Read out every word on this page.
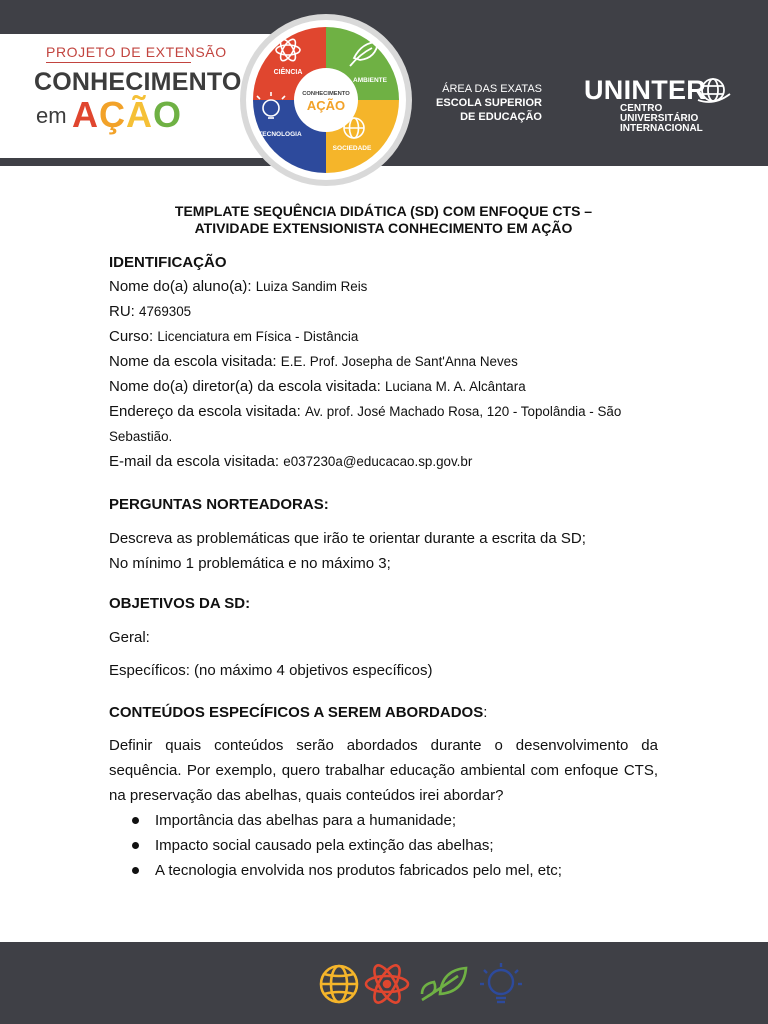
PROJETO DE EXTENSÃO
CONHECIMENTO
em AÇÃO
CIÊNCIA
AMBIENTE
SOCIEDADE
TECNOLOGIA
CONHECIMENTO
AÇÃO
ÁREA DAS EXATAS
ESCOLA SUPERIOR
DE EDUCAÇÃO
UNINTER
CENTRO
UNIVERSITÁRIO
INTERNACIONAL
TEMPLATE SEQUÊNCIA DIDÁTICA (SD) COM ENFOQUE CTS –
ATIVIDADE EXTENSIONISTA CONHECIMENTO EM AÇÃO
IDENTIFICAÇÃO
Nome do(a) aluno(a): Luiza Sandim Reis
RU: 4769305
Curso: Licenciatura em Física - Distância
Nome da escola visitada: E.E. Prof. Josepha de Sant'Anna Neves
Nome do(a) diretor(a) da escola visitada: Luciana M. A. Alcântara
Endereço da escola visitada: Av. prof. José Machado Rosa, 120 - Topolândia - São
Sebastião.
E-mail da escola visitada: e037230a@educacao.sp.gov.br
PERGUNTAS NORTEADORAS:
Descreva as problemáticas que irão te orientar durante a escrita da SD;
No mínimo 1 problemática e no máximo 3;
OBJETIVOS DA SD:
Geral:
Específicos: (no máximo 4 objetivos específicos)
CONTEÚDOS ESPECÍFICOS A SEREM ABORDADOS:
Definir quais conteúdos serão abordados durante o desenvolvimento da sequência. Por exemplo, quero trabalhar educação ambiental com enfoque CTS, na preservação das abelhas, quais conteúdos irei abordar?
Importância das abelhas para a humanidade;
Impacto social causado pela extinção das abelhas;
A tecnologia envolvida nos produtos fabricados pelo mel, etc;
